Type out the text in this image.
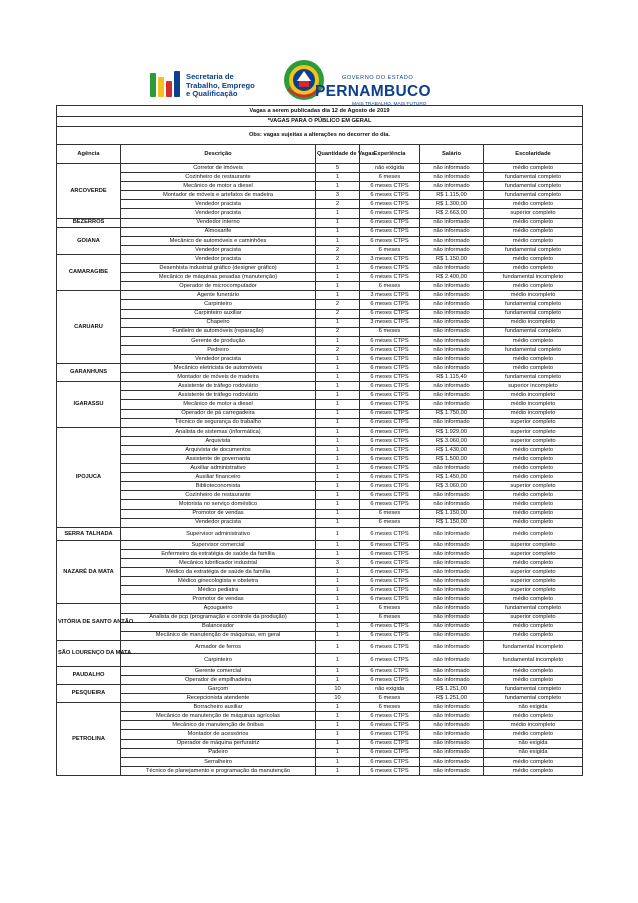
Secretaria de
Trabalho, Emprego
e Qualificação
GOVERNO DO ESTADO
PERNAMBUCO
MAIS TRABALHO, MAIS FUTURO
Vagas a serem publicadas dia 12 de Agosto de 2019					
*VAGAS PARA O PÚBLICO EM GERAL					
Obs: vagas sujeitas a alterações no decorrer do dia.					
Agência	Descrição	Quantidade de Vagas	Experiência	Salário	Escolaridade
ARCOVERDE	Corretor de imóveis	5	não exigida	não informado	médio completo
	Cozinheiro de restaurante	1	6 meses	não informado	fundamental completo
	Mecânico de motor a diesel	1	6 meses CTPS	não informado	fundamental completo
	Montador de móveis e artefatos de madeira	3	6 meses CTPS	R$ 1.115,00	fundamental completo
	Vendedor pracista	2	6 meses CTPS	R$ 1.300,00	médio completo
	Vendedor pracista	1	6 meses CTPS	R$ 2.663,00	superior completo
BEZERROS	Vendedor interno	1	6 meses CTPS	não informado	médio completo
GOIANA	Almoxarife	1	6 meses CTPS	não informado	médio completo
	Mecânico de automóveis e caminhões	1	6 meses CTPS	não informado	médio completo
	Vendedor pracista	2	6 meses	não informado	fundamental completo
CAMARAGIBE	Vendedor pracista	2	3 meses CTPS	R$ 1.150,00	médio completo
	Desenhista industrial gráfico (designer gráfico)	1	6 meses CTPS	não informado	médio completo
	Mecânico de máquinas pesadas (manutenção)	1	6 meses CTPS	R$ 2.400,00	fundamental incompleto
	Operador de microcomputador	1	6 meses	não informado	médio completo
CARUARU	Agente funerário	1	3 meses CTPS	não informado	médio incompleto
	Carpinteiro	2	6 meses CTPS	não informado	fundamental completo
	Carpinteiro auxiliar	2	6 meses CTPS	não informado	fundamental completo
	Chapeiro	1	3 meses CTPS	não informado	médio incompleto
	Funileiro de automóveis (reparação)	2	6 meses	não informado	fundamental completo
	Gerente de produção	1	6 meses CTPS	não informado	médio completo
	Pedreiro	2	6 meses CTPS	não informado	fundamental completo
	Vendedor pracista	1	6 meses CTPS	não informado	médio completo
GARANHUNS	Mecânico eletricista de automóveis	1	6 meses CTPS	não informado	médio completo
	Montador de móveis de madeira	1	6 meses CTPS	R$ 1.115,49	fundamental completo
IGARASSU	Assistente de tráfego rodoviário	1	6 meses CTPS	não informado	superior incompleto
	Assistente de tráfego rodoviário	1	6 meses CTPS	não informado	médio incompleto
	Mecânico de motor a diesel	1	6 meses CTPS	não informado	médio incompleto
	Operador de pá carregadeira	1	6 meses CTPS	R$ 1.750,00	médio incompleto
	Técnico de segurança do trabalho	1	6 meses CTPS	não informado	superior completo
IPOJUCA	Analista de sistemas (informática)	1	6 meses CTPS	R$ 1.929,00	superior completo
	Arquivista	1	6 meses CTPS	R$ 3.060,00	superior completo
	Arquivista de documentos	1	6 meses CTPS	R$ 1.430,00	médio completo
	Assistente de governanta	1	6 meses CTPS	R$ 1.500,00	médio completo
	Auxiliar administrativo	1	6 meses CTPS	não informado	médio completo
	Auxiliar financeiro	1	6 meses CTPS	R$ 1.450,00	médio completo
	Biblioteconomista	1	6 meses CTPS	R$ 3.060,00	superior completo
	Cozinheiro de restaurante	1	6 meses CTPS	não informado	médio completo
	Motorista no serviço doméstico	1	6 meses CTPS	não informado	médio completo
	Promotor de vendas	1	6 meses	R$ 1.150,00	médio completo
	Vendedor pracista	1	6 meses	R$ 1.150,00	médio completo
SERRA TALHADA	Supervisor administrativo	1	6 meses CTPS	não informado	médio completo
NAZARÉ DA MATA	Supervisor comercial	1	6 meses CTPS	não informado	superior completo
	Enfermeiro da estratégia de saúde da família	1	6 meses CTPS	não informado	superior completo
	Mecânico lubrificador industrial	3	6 meses CTPS	não informado	médio completo
	Médico da estratégia de saúde da família	1	6 meses CTPS	não informado	superior completo
	Médico ginecologista e obstetra	1	6 meses CTPS	não informado	superior completo
	Médico pediatra	1	6 meses CTPS	não informado	superior completo
	Promotor de vendas	1	6 meses CTPS	não informado	médio completo
VITÓRIA DE SANTO ANTÃO	Açougueiro	1	6 meses	não informado	fundamental completo
	Analista de pcp (programação e controle da produção)	1	6 meses	não informado	superior completo
	Balanceador	1	6 meses CTPS	não informado	médio completo
	Mecânico de manutenção de máquinas, em geral	1	6 meses CTPS	não informado	médio completo
SÃO LOURENÇO DA MATA	Armador de ferros	1	6 meses CTPS	não informado	fundamental incompleto
	Carpinteiro	1	6 meses CTPS	não informado	fundamental incompleto
PAUDALHO	Gerente comercial	1	6 meses CTPS	não informado	médio completo
	Operador de empilhadeira	1	6 meses CTPS	não informado	médio completo
PESQUEIRA	Garçom	10	não exigida	R$ 1.251,00	fundamental completo
	Recepcionista atendente	10	6 meses	R$ 1.251,00	fundamental completo
PETROLINA	Borracheiro auxiliar	1	6 meses	não informado	não exigida
	Mecânico de manutenção de máquinas agrícolas	1	6 meses CTPS	não informado	médio completo
	Mecânico de manutenção de ônibus	1	6 meses CTPS	não informado	médio incompleto
	Montador de acessórios	1	6 meses CTPS	não informado	médio completo
	Operador de máquina perfuratriz	1	6 meses CTPS	não informado	não exigida
	Padeiro	1	6 meses CTPS	não informado	não exigida
	Serralheiro	1	6 meses CTPS	não informado	médio completo
	Técnico de planejamento e programação da manutenção	1	6 meses CTPS	não informado	médio completo
